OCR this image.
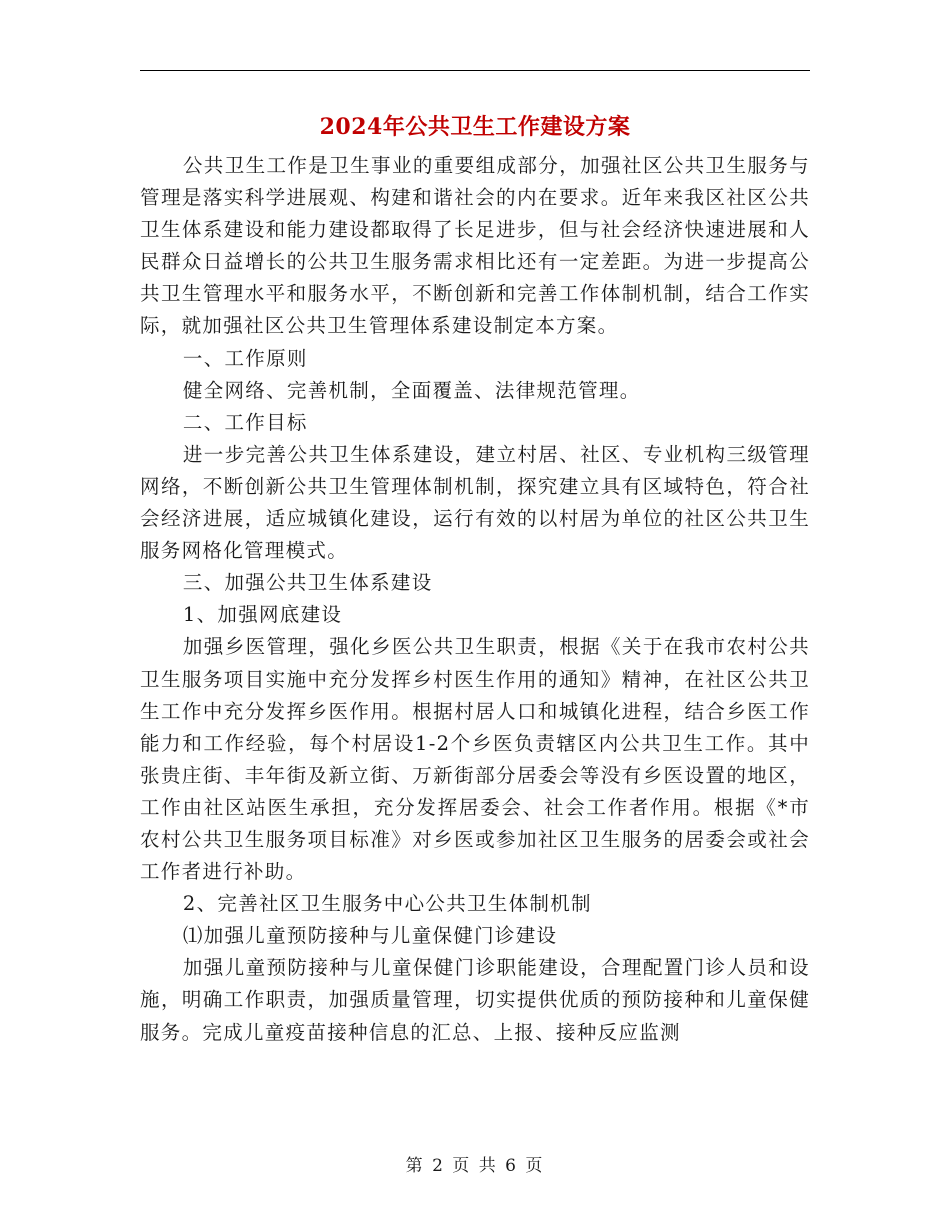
2024年公共卫生工作建设方案

公共卫生工作是卫生事业的重要组成部分，加强社区公共卫生服务与管理是落实科学进展观、构建和谐社会的内在要求。近年来我区社区公共卫生体系建设和能力建设都取得了长足进步，但与社会经济快速进展和人民群众日益增长的公共卫生服务需求相比还有一定差距。为进一步提高公共卫生管理水平和服务水平，不断创新和完善工作体制机制，结合工作实际，就加强社区公共卫生管理体系建设制定本方案。

一、工作原则

健全网络、完善机制，全面覆盖、法律规范管理。

二、工作目标

进一步完善公共卫生体系建设，建立村居、社区、专业机构三级管理网络，不断创新公共卫生管理体制机制，探究建立具有区域特色，符合社会经济进展，适应城镇化建设，运行有效的以村居为单位的社区公共卫生服务网格化管理模式。

三、加强公共卫生体系建设

1、加强网底建设

加强乡医管理，强化乡医公共卫生职责，根据《关于在我市农村公共卫生服务项目实施中充分发挥乡村医生作用的通知》精神，在社区公共卫生工作中充分发挥乡医作用。根据村居人口和城镇化进程，结合乡医工作能力和工作经验，每个村居设1-2个乡医负责辖区内公共卫生工作。其中张贵庄街、丰年街及新立街、万新街部分居委会等没有乡医设置的地区，工作由社区站医生承担，充分发挥居委会、社会工作者作用。根据《*市农村公共卫生服务项目标准》对乡医或参加社区卫生服务的居委会或社会工作者进行补助。

2、完善社区卫生服务中心公共卫生体制机制

⑴加强儿童预防接种与儿童保健门诊建设

加强儿童预防接种与儿童保健门诊职能建设，合理配置门诊人员和设施，明确工作职责，加强质量管理，切实提供优质的预防接种和儿童保健服务。完成儿童疫苗接种信息的汇总、上报、接种反应监测

第 2 页 共 6 页
